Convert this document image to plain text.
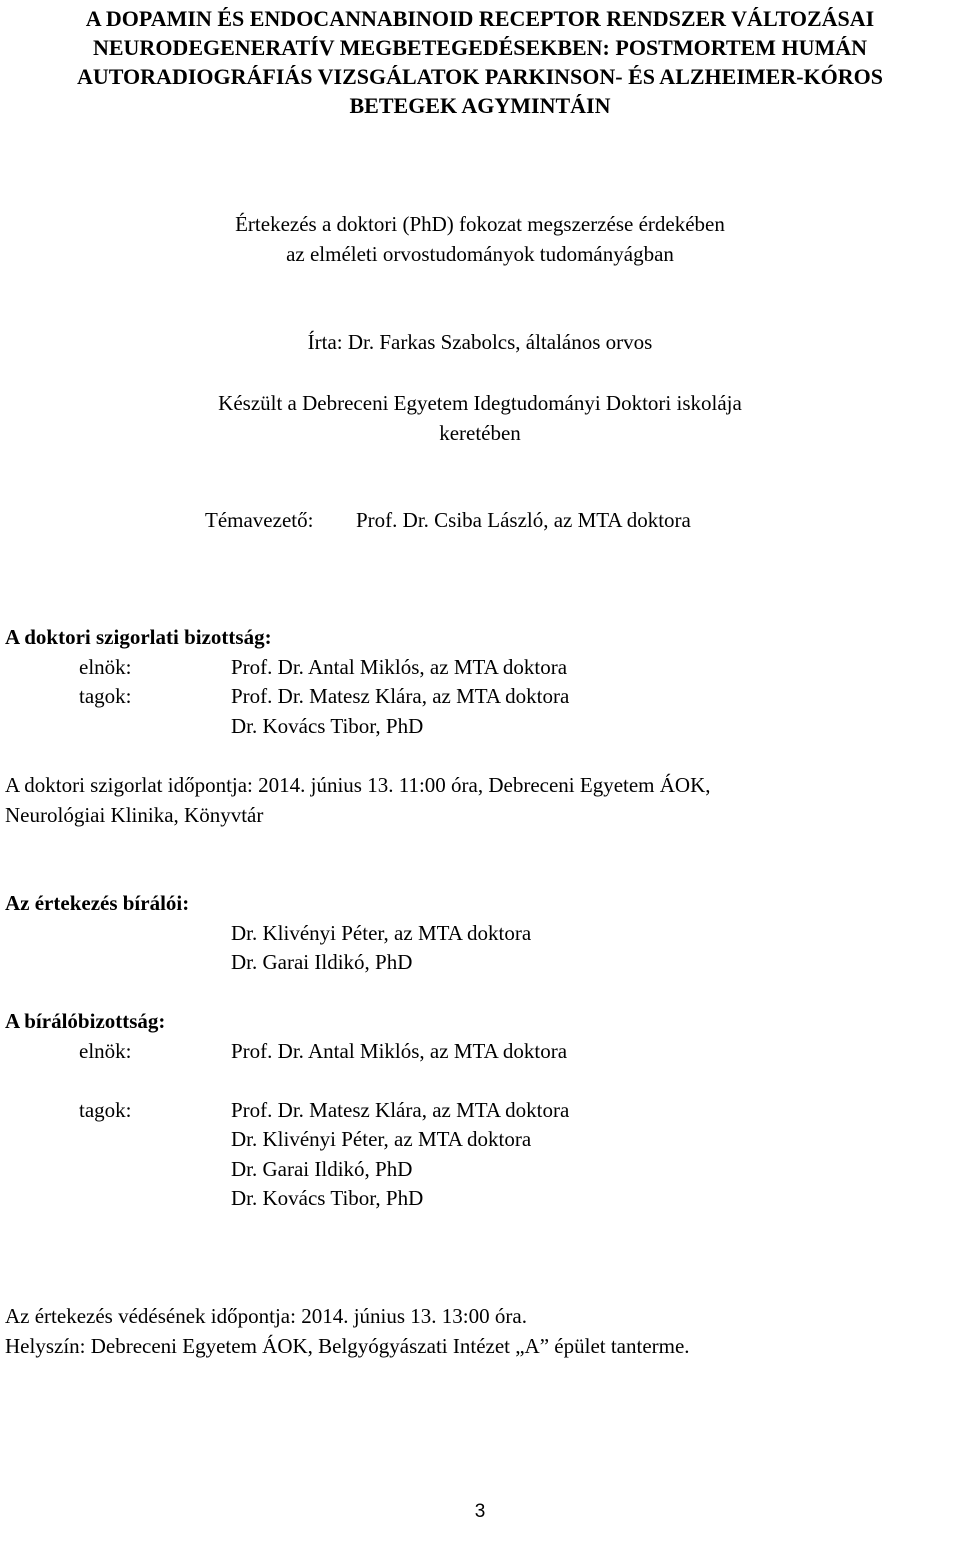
A DOPAMIN ÉS ENDOCANNABINOID RECEPTOR RENDSZER VÁLTOZÁSAI
NEURODEGENERATÍV MEGBETEGEDÉSEKBEN: POSTMORTEM HUMÁN
AUTORADIOGRÁFIÁS VIZSGÁLATOK PARKINSON- ÉS ALZHEIMER-KÓROS
BETEGEK AGYMINTÁIN
Értekezés a doktori (PhD) fokozat megszerzése érdekében
az elméleti orvostudományok tudományágban
Írta: Dr. Farkas Szabolcs, általános orvos
Készült a Debreceni Egyetem Idegtudományi Doktori iskolája
keretében
Témavezető: Prof. Dr. Csiba László, az MTA doktora
A doktori szigorlati bizottság:
elnök:	Prof. Dr. Antal Miklós, az MTA doktora
tagok:	Prof. Dr. Matesz Klára, az MTA doktora
Dr. Kovács Tibor, PhD
A doktori szigorlat időpontja: 2014. június 13. 11:00 óra, Debreceni Egyetem ÁOK,
Neurológiai Klinika, Könyvtár
Az értekezés bírálói:
Dr. Klivényi Péter, az MTA doktora
Dr. Garai Ildikó, PhD
A bírálóbizottság:
elnök:	Prof. Dr. Antal Miklós, az MTA doktora
tagok:	Prof. Dr. Matesz Klára, az MTA doktora
Dr. Klivényi Péter, az MTA doktora
Dr. Garai Ildikó, PhD
Dr. Kovács Tibor, PhD
Az értekezés védésének időpontja: 2014. június 13. 13:00 óra.
Helyszín: Debreceni Egyetem ÁOK, Belgyógyászati Intézet „A” épület tanterme.
3
